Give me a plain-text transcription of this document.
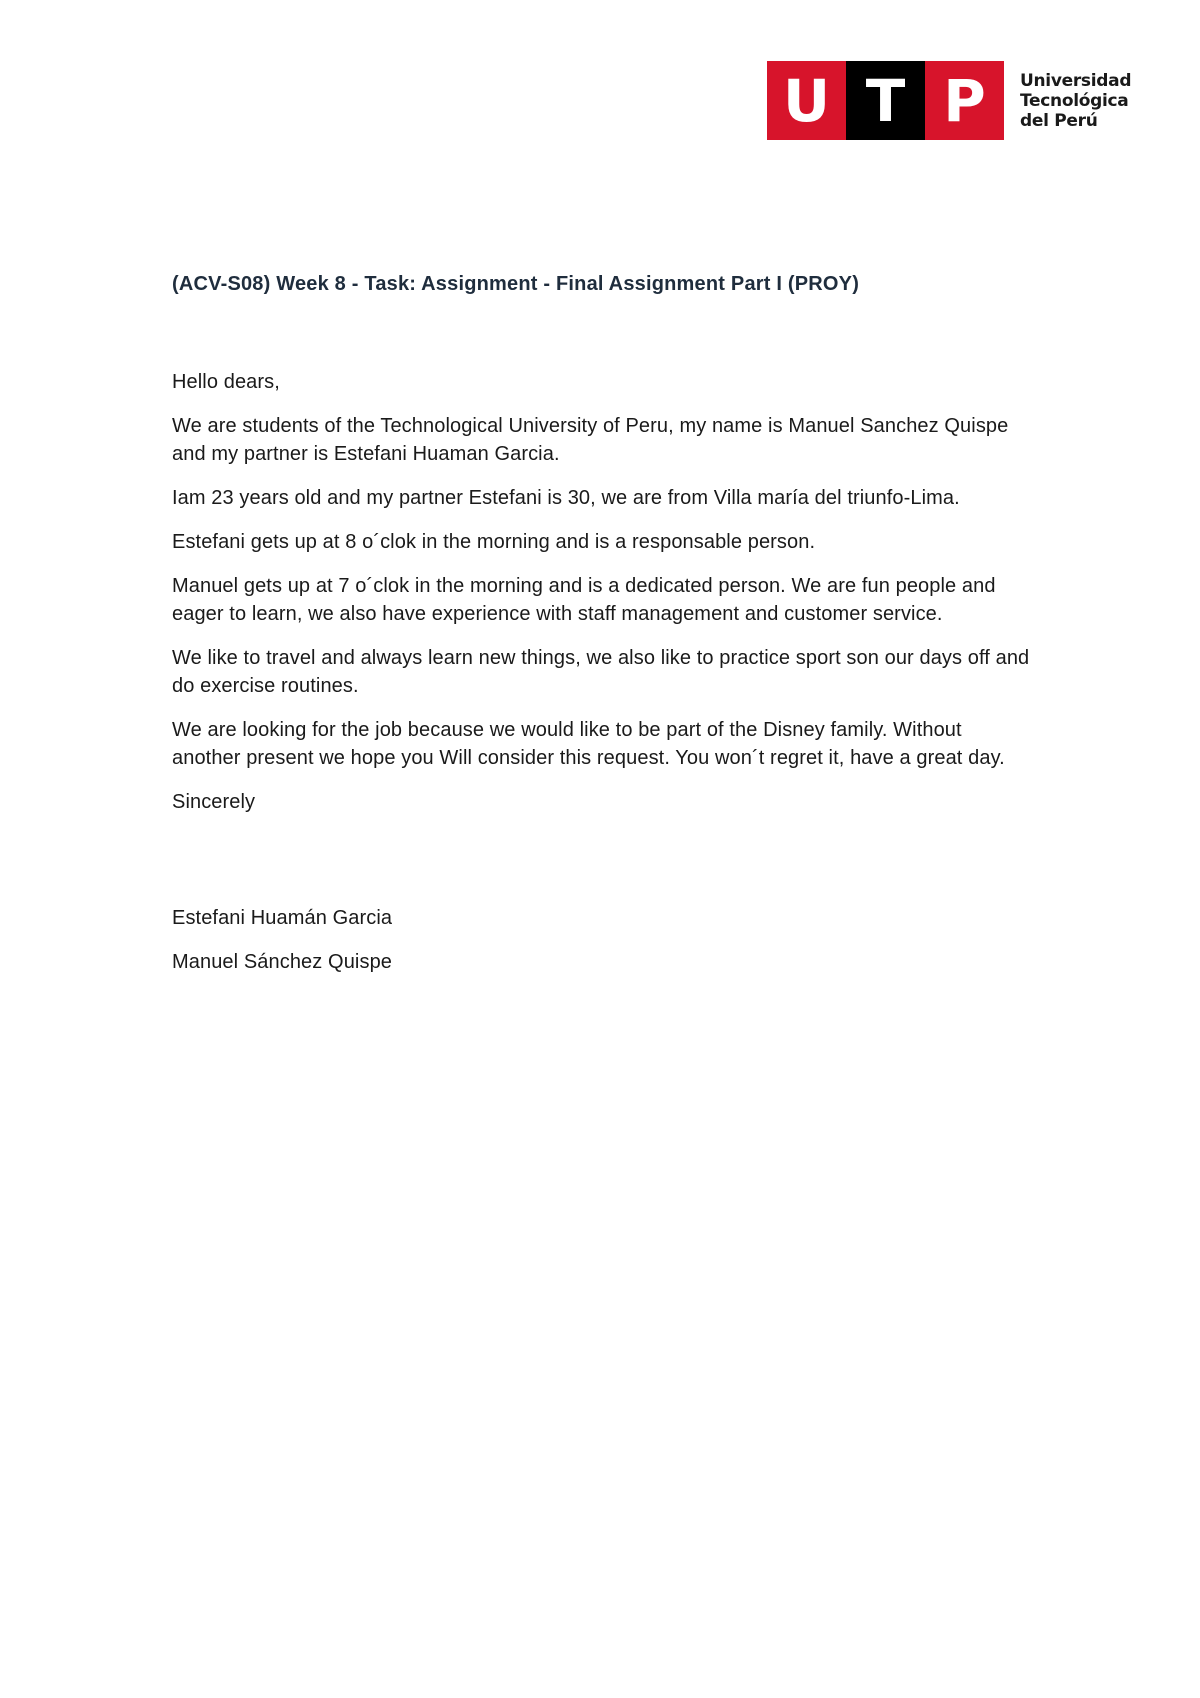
U T P	Universidad
Tecnológica
del Perú

(ACV-S08) Week 8 - Task: Assignment - Final Assignment Part I (PROY)

Hello dears,

We are students of the Technological University of Peru, my name is Manuel Sanchez Quispe and my partner is Estefani Huaman Garcia.

Iam 23 years old and my partner Estefani is 30, we are from Villa maría del triunfo-Lima.

Estefani gets up at 8 o´clok in the morning and is a responsable person.

Manuel gets up at 7 o´clok in the morning and is a dedicated person. We are fun people and eager to learn, we also have experience with staff management and customer service.

We like to travel and always learn new things, we also like to practice sport son our days off and do exercise routines.

We are looking for the job because we would like to be part of the Disney family. Without another present we hope you Will consider this request. You won´t regret it, have a great day.

Sincerely

Estefani Huamán Garcia

Manuel Sánchez Quispe
